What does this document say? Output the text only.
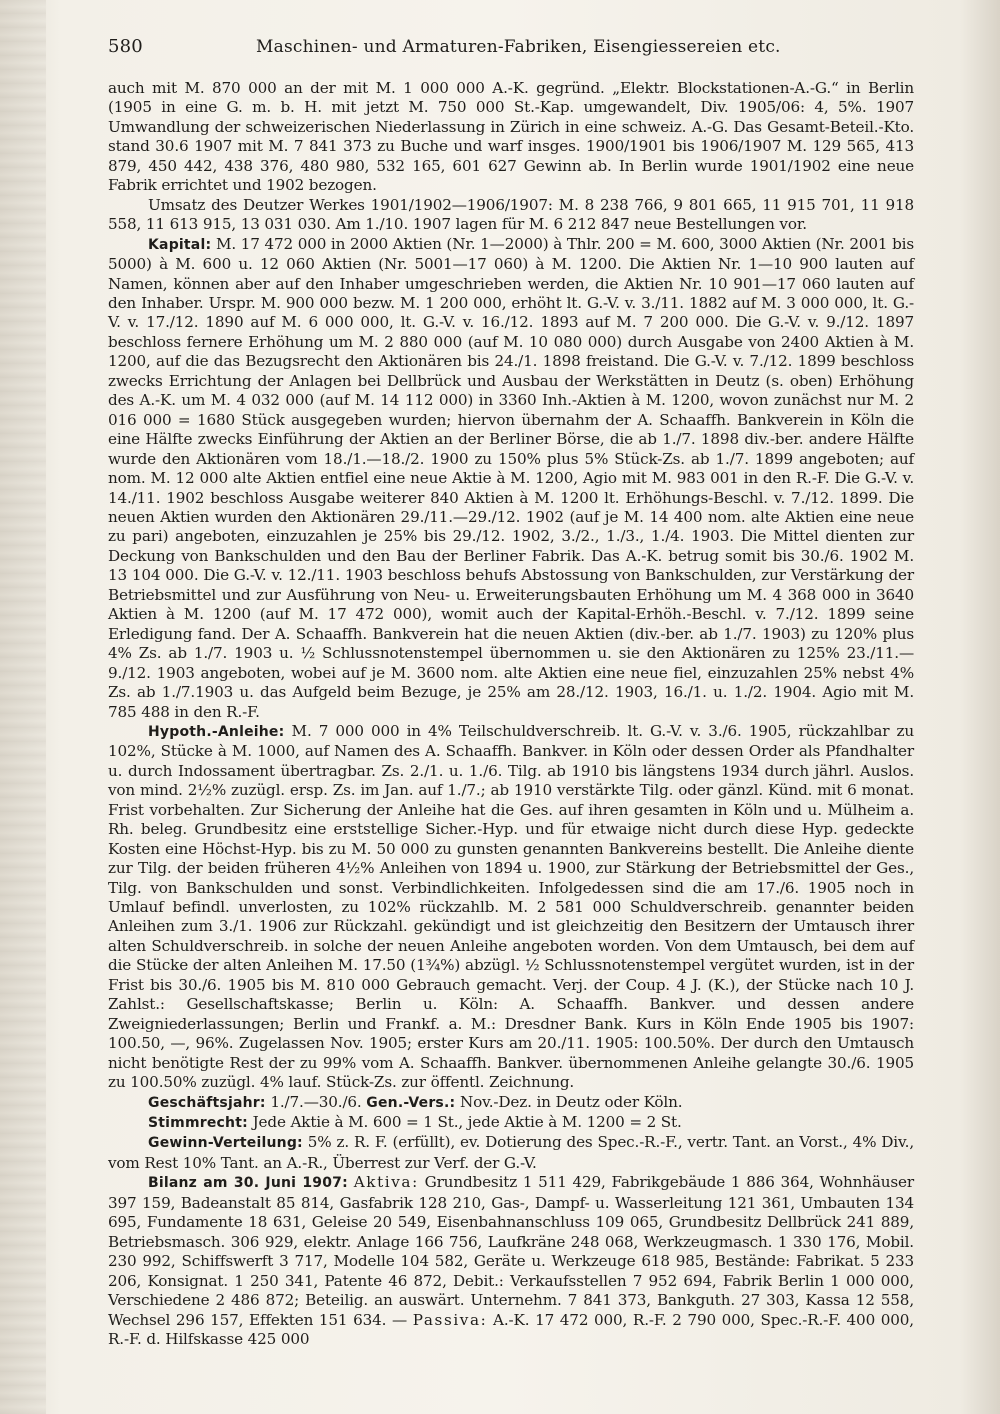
580	Maschinen- und Armaturen-Fabriken, Eisengiessereien etc.

auch mit M. 870 000 an der mit M. 1 000 000 A.-K. gegründ. „Elektr. Blockstationen-A.-G.“ in Berlin (1905 in eine G. m. b. H. mit jetzt M. 750 000 St.-Kap. umgewandelt, Div. 1905/06: 4, 5%. 1907 Umwandlung der schweizerischen Niederlassung in Zürich in eine schweiz. A.-G. Das Gesamt-Beteil.-Kto. stand 30.6 1907 mit M. 7 841 373 zu Buche und warf insges. 1900/1901 bis 1906/1907 M. 129 565, 413 879, 450 442, 438 376, 480 980, 532 165, 601 627 Gewinn ab. In Berlin wurde 1901/1902 eine neue Fabrik errichtet und 1902 bezogen.

Umsatz des Deutzer Werkes 1901/1902—1906/1907: M. 8 238 766, 9 801 665, 11 915 701, 11 918 558, 11 613 915, 13 031 030. Am 1./10. 1907 lagen für M. 6 212 847 neue Bestellungen vor.

Kapital: M. 17 472 000 in 2000 Aktien (Nr. 1—2000) à Thlr. 200 = M. 600, 3000 Aktien (Nr. 2001 bis 5000) à M. 600 u. 12 060 Aktien (Nr. 5001—17 060) à M. 1200. Die Aktien Nr. 1—10 900 lauten auf Namen, können aber auf den Inhaber umgeschrieben werden, die Aktien Nr. 10 901—17 060 lauten auf den Inhaber. Urspr. M. 900 000 bezw. M. 1 200 000, erhöht lt. G.-V. v. 3./11. 1882 auf M. 3 000 000, lt. G.-V. v. 17./12. 1890 auf M. 6 000 000, lt. G.-V. v. 16./12. 1893 auf M. 7 200 000. Die G.-V. v. 9./12. 1897 beschloss fernere Erhöhung um M. 2 880 000 (auf M. 10 080 000) durch Ausgabe von 2400 Aktien à M. 1200, auf die das Bezugsrecht den Aktionären bis 24./1. 1898 freistand. Die G.-V. v. 7./12. 1899 beschloss zwecks Errichtung der Anlagen bei Dellbrück und Ausbau der Werkstätten in Deutz (s. oben) Erhöhung des A.-K. um M. 4 032 000 (auf M. 14 112 000) in 3360 Inh.-Aktien à M. 1200, wovon zunächst nur M. 2 016 000 = 1680 Stück ausgegeben wurden; hiervon übernahm der A. Schaaffh. Bankverein in Köln die eine Hälfte zwecks Einführung der Aktien an der Berliner Börse, die ab 1./7. 1898 div.-ber. andere Hälfte wurde den Aktionären vom 18./1.—18./2. 1900 zu 150% plus 5% Stück-Zs. ab 1./7. 1899 angeboten; auf nom. M. 12 000 alte Aktien entfiel eine neue Aktie à M. 1200, Agio mit M. 983 001 in den R.-F. Die G.-V. v. 14./11. 1902 beschloss Ausgabe weiterer 840 Aktien à M. 1200 lt. Erhöhungs-Beschl. v. 7./12. 1899. Die neuen Aktien wurden den Aktionären 29./11.—29./12. 1902 (auf je M. 14 400 nom. alte Aktien eine neue zu pari) angeboten, einzuzahlen je 25% bis 29./12. 1902, 3./2., 1./3., 1./4. 1903. Die Mittel dienten zur Deckung von Bankschulden und den Bau der Berliner Fabrik. Das A.-K. betrug somit bis 30./6. 1902 M. 13 104 000. Die G.-V. v. 12./11. 1903 beschloss behufs Abstossung von Bankschulden, zur Verstärkung der Betriebsmittel und zur Ausführung von Neu- u. Erweiterungsbauten Erhöhung um M. 4 368 000 in 3640 Aktien à M. 1200 (auf M. 17 472 000), womit auch der Kapital-Erhöh.-Beschl. v. 7./12. 1899 seine Erledigung fand. Der A. Schaaffh. Bankverein hat die neuen Aktien (div.-ber. ab 1./7. 1903) zu 120% plus 4% Zs. ab 1./7. 1903 u. ½ Schlussnotenstempel übernommen u. sie den Aktionären zu 125% 23./11.—9./12. 1903 angeboten, wobei auf je M. 3600 nom. alte Aktien eine neue fiel, einzuzahlen 25% nebst 4% Zs. ab 1./7.1903 u. das Aufgeld beim Bezuge, je 25% am 28./12. 1903, 16./1. u. 1./2. 1904. Agio mit M. 785 488 in den R.-F.

Hypoth.-Anleihe: M. 7 000 000 in 4% Teilschuldverschreib. lt. G.-V. v. 3./6. 1905, rückzahlbar zu 102%, Stücke à M. 1000, auf Namen des A. Schaaffh. Bankver. in Köln oder dessen Order als Pfandhalter u. durch Indossament übertragbar. Zs. 2./1. u. 1./6. Tilg. ab 1910 bis längstens 1934 durch jährl. Auslos. von mind. 2½% zuzügl. ersp. Zs. im Jan. auf 1./7.; ab 1910 verstärkte Tilg. oder gänzl. Künd. mit 6 monat. Frist vorbehalten. Zur Sicherung der Anleihe hat die Ges. auf ihren gesamten in Köln und u. Mülheim a. Rh. beleg. Grundbesitz eine erststellige Sicher.-Hyp. und für etwaige nicht durch diese Hyp. gedeckte Kosten eine Höchst-Hyp. bis zu M. 50 000 zu gunsten genannten Bankvereins bestellt. Die Anleihe diente zur Tilg. der beiden früheren 4½% Anleihen von 1894 u. 1900, zur Stärkung der Betriebsmittel der Ges., Tilg. von Bankschulden und sonst. Verbindlichkeiten. Infolgedessen sind die am 17./6. 1905 noch in Umlauf befindl. unverlosten, zu 102% rückzahlb. M. 2 581 000 Schuldverschreib. genannter beiden Anleihen zum 3./1. 1906 zur Rückzahl. gekündigt und ist gleichzeitig den Besitzern der Umtausch ihrer alten Schuldverschreib. in solche der neuen Anleihe angeboten worden. Von dem Umtausch, bei dem auf die Stücke der alten Anleihen M. 17.50 (1¾%) abzügl. ½ Schlussnotenstempel vergütet wurden, ist in der Frist bis 30./6. 1905 bis M. 810 000 Gebrauch gemacht. Verj. der Coup. 4 J. (K.), der Stücke nach 10 J. Zahlst.: Gesellschaftskasse; Berlin u. Köln: A. Schaaffh. Bankver. und dessen andere Zweigniederlassungen; Berlin und Frankf. a. M.: Dresdner Bank. Kurs in Köln Ende 1905 bis 1907: 100.50, —, 96%. Zugelassen Nov. 1905; erster Kurs am 20./11. 1905: 100.50%. Der durch den Umtausch nicht benötigte Rest der zu 99% vom A. Schaaffh. Bankver. übernommenen Anleihe gelangte 30./6. 1905 zu 100.50% zuzügl. 4% lauf. Stück-Zs. zur öffentl. Zeichnung.

Geschäftsjahr: 1./7.—30./6. Gen.-Vers.: Nov.-Dez. in Deutz oder Köln.

Stimmrecht: Jede Aktie à M. 600 = 1 St., jede Aktie à M. 1200 = 2 St.

Gewinn-Verteilung: 5% z. R. F. (erfüllt), ev. Dotierung des Spec.-R.-F., vertr. Tant. an Vorst., 4% Div., vom Rest 10% Tant. an A.-R., Überrest zur Verf. der G.-V.

Bilanz am 30. Juni 1907: Aktiva: Grundbesitz 1 511 429, Fabrikgebäude 1 886 364, Wohnhäuser 397 159, Badeanstalt 85 814, Gasfabrik 128 210, Gas-, Dampf- u. Wasserleitung 121 361, Umbauten 134 695, Fundamente 18 631, Geleise 20 549, Eisenbahnanschluss 109 065, Grundbesitz Dellbrück 241 889, Betriebsmasch. 306 929, elektr. Anlage 166 756, Laufkräne 248 068, Werkzeugmasch. 1 330 176, Mobil. 230 992, Schiffswerft 3 717, Modelle 104 582, Geräte u. Werkzeuge 618 985, Bestände: Fabrikat. 5 233 206, Konsignat. 1 250 341, Patente 46 872, Debit.: Verkaufsstellen 7 952 694, Fabrik Berlin 1 000 000, Verschiedene 2 486 872; Beteilig. an auswärt. Unternehm. 7 841 373, Bankguth. 27 303, Kassa 12 558, Wechsel 296 157, Effekten 151 634. — Passiva: A.-K. 17 472 000, R.-F. 2 790 000, Spec.-R.-F. 400 000, R.-F. d. Hilfskasse 425 000
